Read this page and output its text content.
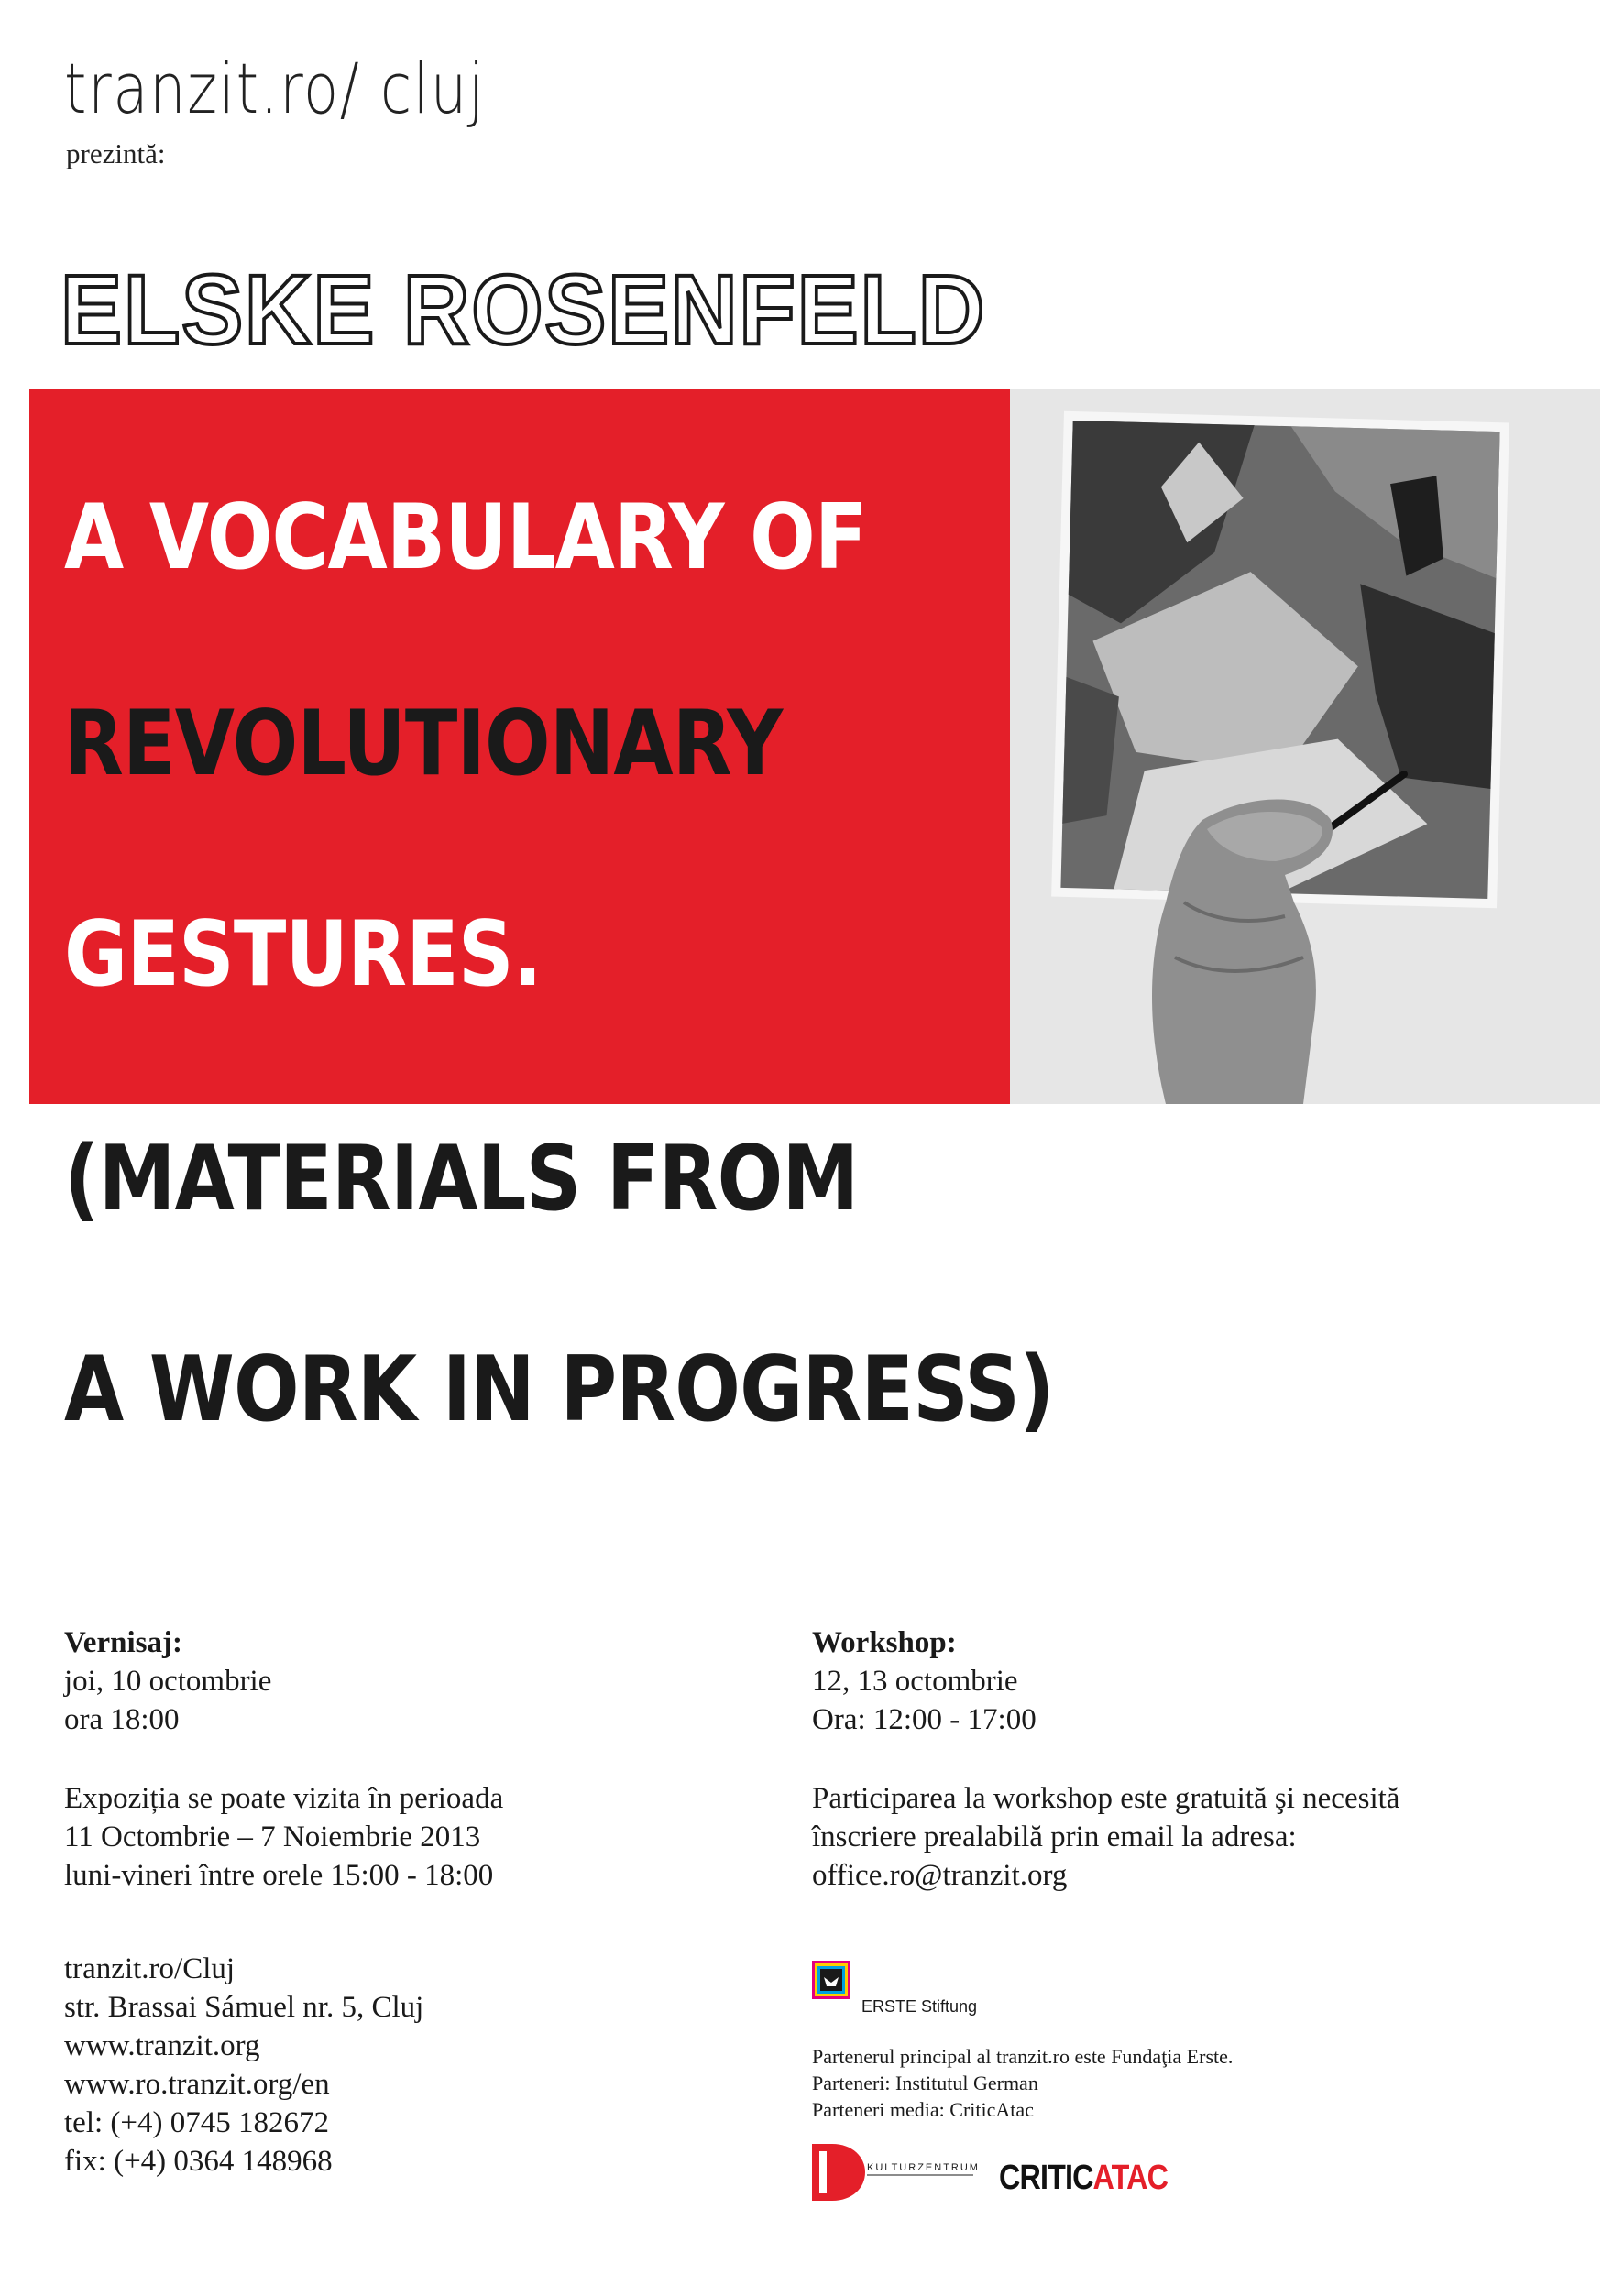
tranzit.ro/ cluj
prezintă:
ELSKE ROSENFELD
A VOCABULARY OF
REVOLUTIONARY
GESTURES.
(MATERIALS FROM
A WORK IN PROGRESS)
Vernisaj:
joi, 10 octombrie
ora 18:00
Expoziția se poate vizita în perioada
11 Octombrie – 7 Noiembrie 2013
luni-vineri între orele 15:00 - 18:00
tranzit.ro/Cluj
str. Brassai Sámuel nr. 5, Cluj
www.tranzit.org
www.ro.tranzit.org/en
tel: (+4) 0745 182672
fix: (+4) 0364 148968
Workshop:
12, 13 octombrie
Ora: 12:00 - 17:00
Participarea la workshop este gratuită şi necesită
înscriere prealabilă prin email la adresa:
office.ro@tranzit.org
ERSTE Stiftung
Partenerul principal al tranzit.ro este Fundaţia Erste.
Parteneri: Institutul German
Parteneri media: CriticAtac
KULTURZENTRUM CRITICATAC
